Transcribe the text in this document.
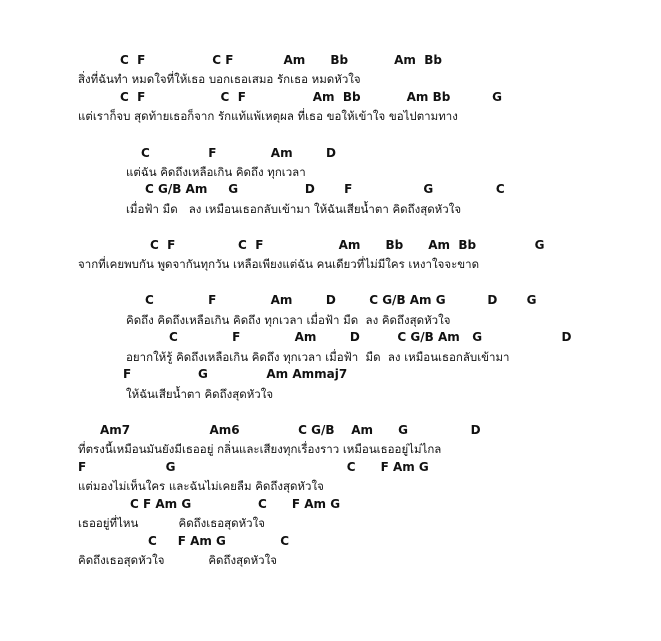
C  F                C F            Am      Bb           Am  Bb
สิ่งที่ฉันทำ หมดใจที่ให้เธอ บอกเธอเสมอ รักเธอ หมดหัวใจ
C  F                  C  F                Am  Bb           Am Bb          G
แต่เราก็จบ สุดท้ายเธอก็จาก รักแท้แพ้เหตุผล ที่เธอ ขอให้เข้าใจ ขอไปตามทาง
C              F             Am        D
แต่ฉัน คิดถึงเหลือเกิน คิดถึง ทุกเวลา
C G/B Am     G                D       F                 G               C
เมื่อฟ้า มืด   ลง เหมือนเธอกลับเข้ามา ให้ฉันเสียน้ำตา คิดถึงสุดหัวใจ
C  F               C  F                  Am      Bb      Am  Bb              G
จากที่เคยพบกัน พูดจากันทุกวัน เหลือเพียงแต่ฉัน คนเดียวที่ไม่มีใคร เหงาใจจะขาด
C             F             Am        D        C G/B Am G          D       G
คิดถึง คิดถึงเหลือเกิน คิดถึง ทุกเวลา เมื่อฟ้า มืด  ลง คิดถึงสุดหัวใจ
C             F             Am        D         C G/B Am   G                   D
อยากให้รู้ คิดถึงเหลือเกิน คิดถึง ทุกเวลา เมื่อฟ้า  มืด  ลง เหมือนเธอกลับเข้ามา
F                G              Am Ammaj7
ให้ฉันเสียน้ำตา คิดถึงสุดหัวใจ
Am7                   Am6              C G/B    Am      G               D
ที่ตรงนี้เหมือนมันยังมีเธออยู่ กลิ่นและเสียงทุกเรื่องราว เหมือนเธออยู่ไม่ไกล
F                   G                                         C      F Am G
แต่มองไม่เห็นใคร และฉันไม่เคยลืม คิดถึงสุดหัวใจ
C F Am G                C      F Am G
เธออยู่ที่ไหน           คิดถึงเธอสุดหัวใจ
C     F Am G             C
คิดถึงเธอสุดหัวใจ            คิดถึงสุดหัวใจ
